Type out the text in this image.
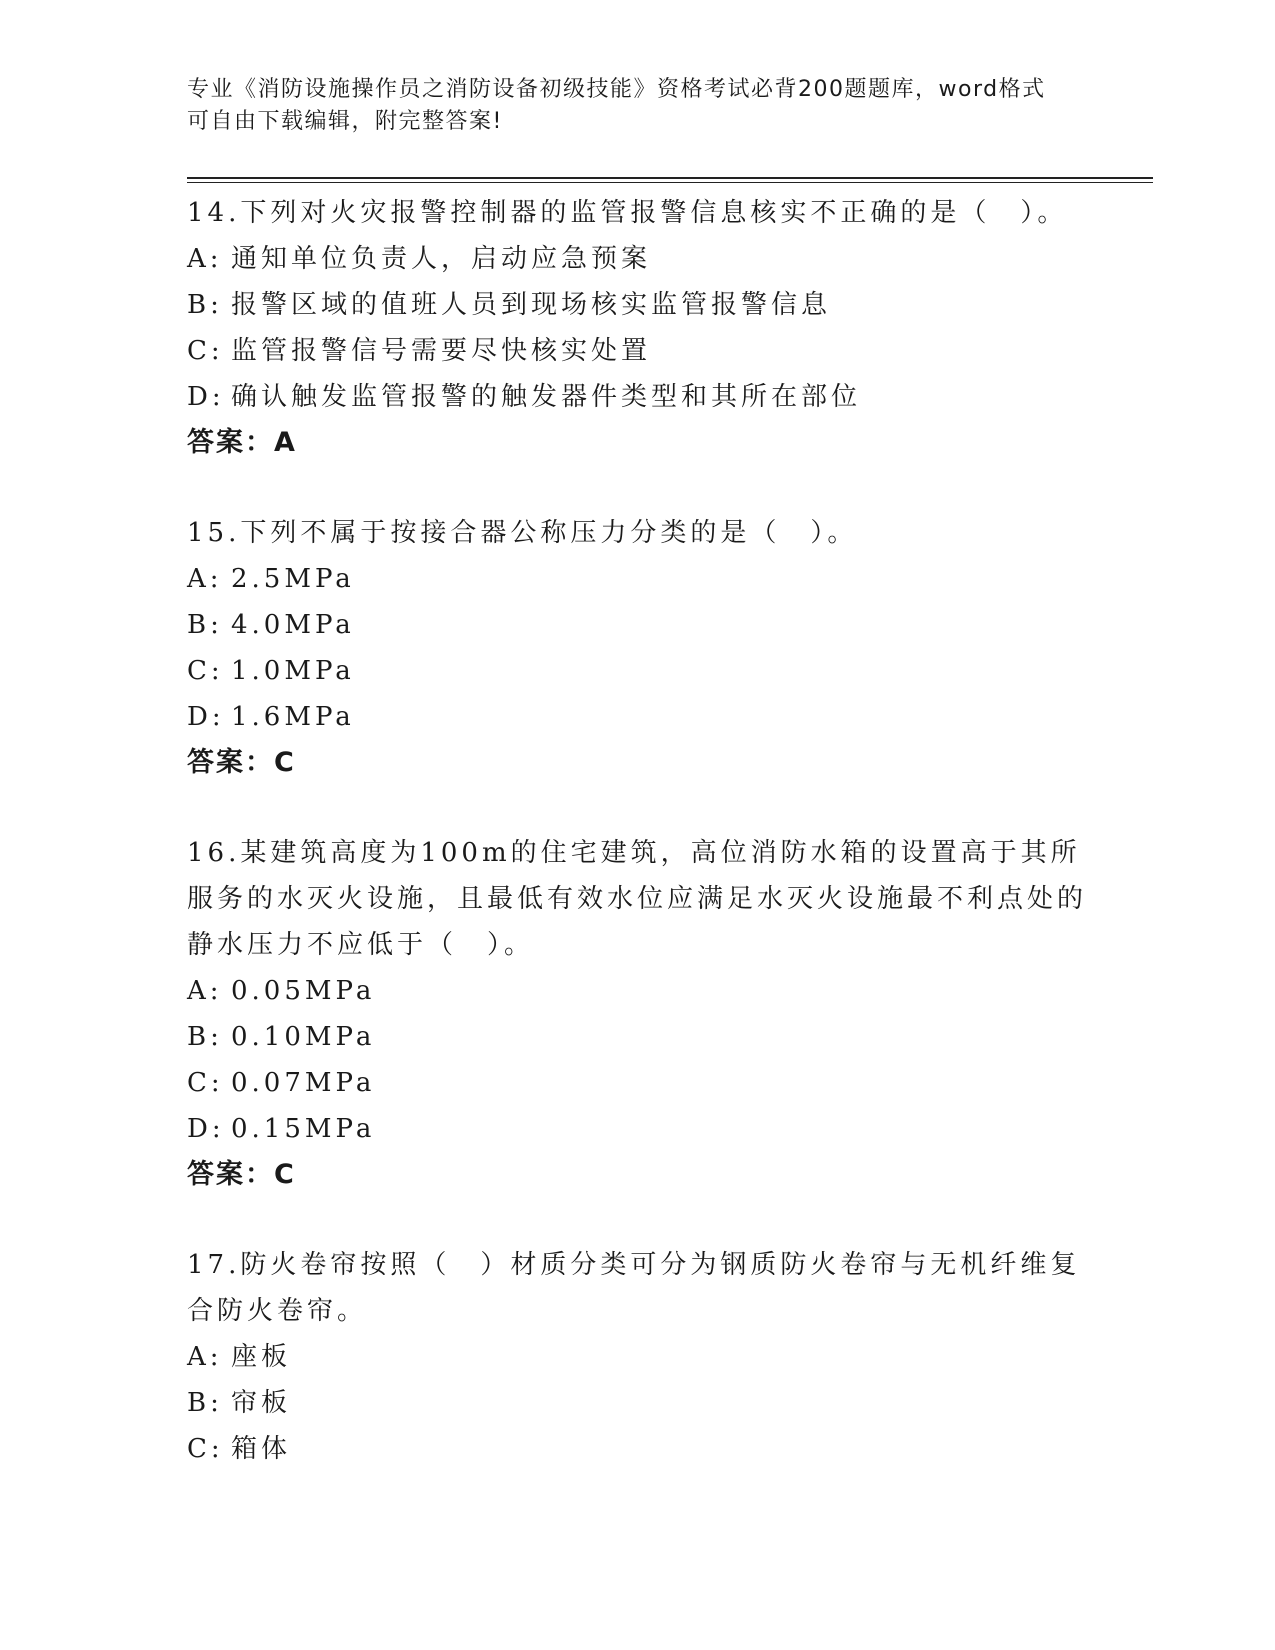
专业《消防设施操作员之消防设备初级技能》资格考试必背200题题库，word格式可自由下载编辑，附完整答案!
14.下列对火灾报警控制器的监管报警信息核实不正确的是（　）。
A: 通知单位负责人，启动应急预案
B: 报警区域的值班人员到现场核实监管报警信息
C: 监管报警信号需要尽快核实处置
D: 确认触发监管报警的触发器件类型和其所在部位
答案：A
15.下列不属于按接合器公称压力分类的是（　）。
A: 2.5MPa
B: 4.0MPa
C: 1.0MPa
D: 1.6MPa
答案：C
16.某建筑高度为100m的住宅建筑，高位消防水箱的设置高于其所服务的水灭火设施，且最低有效水位应满足水灭火设施最不利点处的静水压力不应低于（　）。
A: 0.05MPa
B: 0.10MPa
C: 0.07MPa
D: 0.15MPa
答案：C
17.防火卷帘按照（　）材质分类可分为钢质防火卷帘与无机纤维复合防火卷帘。
A: 座板
B: 帘板
C: 箱体
